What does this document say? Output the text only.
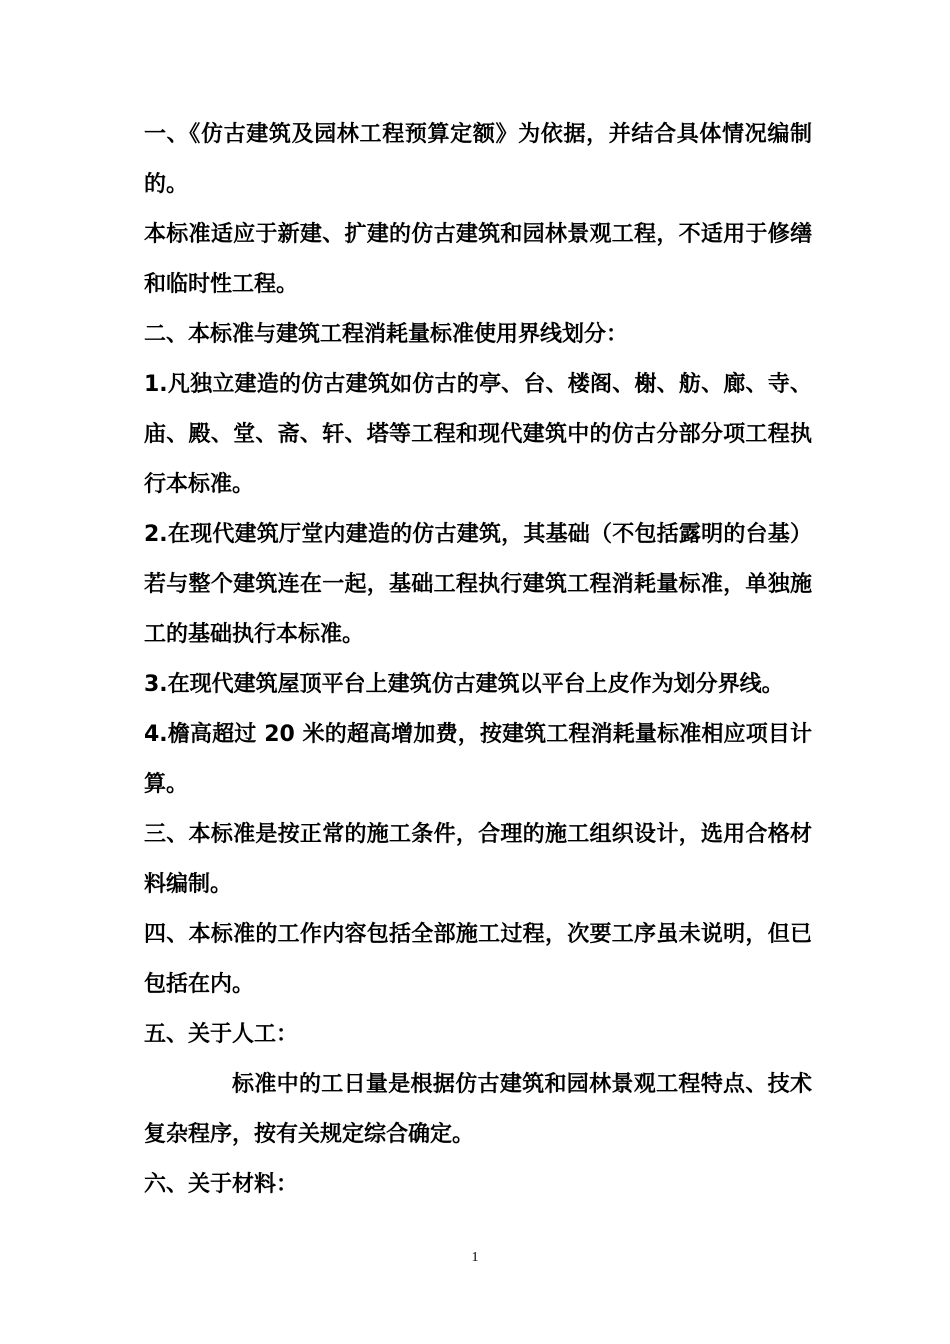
一、《仿古建筑及园林工程预算定额》为依据，并结合具体情况编制的。

本标准适应于新建、扩建的仿古建筑和园林景观工程，不适用于修缮和临时性工程。

二、本标准与建筑工程消耗量标准使用界线划分：

1.凡独立建造的仿古建筑如仿古的亭、台、楼阁、榭、舫、廊、寺、庙、殿、堂、斋、轩、塔等工程和现代建筑中的仿古分部分项工程执行本标准。

2.在现代建筑厅堂内建造的仿古建筑，其基础（不包括露明的台基）若与整个建筑连在一起，基础工程执行建筑工程消耗量标准，单独施工的基础执行本标准。

3.在现代建筑屋顶平台上建筑仿古建筑以平台上皮作为划分界线。

4.檐高超过 20 米的超高增加费，按建筑工程消耗量标准相应项目计算。

三、本标准是按正常的施工条件，合理的施工组织设计，选用合格材料编制。

四、本标准的工作内容包括全部施工过程，次要工序虽未说明，但已包括在内。

五、关于人工：

标准中的工日量是根据仿古建筑和园林景观工程特点、技术复杂程序，按有关规定综合确定。

六、关于材料：

1
